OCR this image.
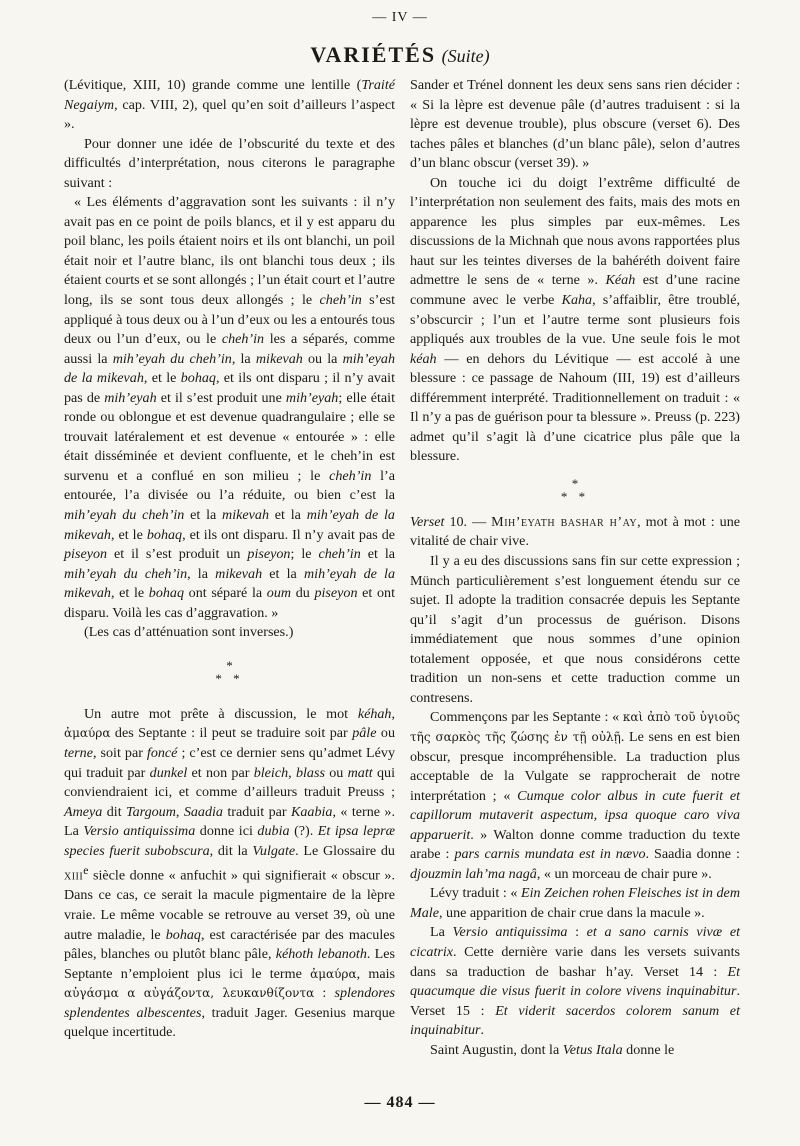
— IV —
VARIÉTÉS (Suite)

(Lévitique, XIII, 10) grande comme une lentille (Traité Negaiym, cap. VIII, 2), quel qu’en soit d’ailleurs l’aspect ».

Pour donner une idée de l’obscurité du texte et des difficultés d’interprétation, nous citerons le paragraphe suivant :

« Les éléments d’aggravation sont les suivants : il n’y avait pas en ce point de poils blancs, et il y est apparu du poil blanc, les poils étaient noirs et ils ont blanchi, un poil était noir et l’autre blanc, ils ont blanchi tous deux ; ils étaient courts et se sont allongés ; l’un était court et l’autre long, ils se sont tous deux allongés ; le cheh’in s’est appliqué à tous deux ou à l’un d’eux ou les a entourés tous deux ou l’un d’eux, ou le cheh’in les a séparés, comme aussi la mih’eyah du cheh’in, la mikevah ou la mih’eyah de la mikevah, et le bohaq, et ils ont disparu ; il n’y avait pas de mih’eyah et il s’est produit une mih’eyah; elle était ronde ou oblongue et est devenue quadrangulaire ; elle se trouvait latéralement et est devenue « entourée » : elle était disséminée et devient confluente, et le cheh’in est survenu et a conflué en son milieu ; le cheh’in l’a entourée, l’a divisée ou l’a réduite, ou bien c’est la mih’eyah du cheh’in et la mikevah et la mih’eyah de la mikevah, et le bohaq, et ils ont disparu. Il n’y avait pas de piseyon et il s’est produit un piseyon; le cheh’in et la mih’eyah du cheh’in, la mikevah et la mih’eyah de la mikevah, et le bohaq ont séparé la oum du piseyon et ont disparu. Voilà les cas d’aggravation. »

(Les cas d’atténuation sont inverses.)

*
* *

Un autre mot prête à discussion, le mot kéhah, ἀμαύρα des Septante : il peut se traduire soit par pâle ou terne, soit par foncé ; c’est ce dernier sens qu’admet Lévy qui traduit par dunkel et non par bleich, blass ou matt qui conviendraient ici, et comme d’ailleurs traduit Preuss ; Ameya dit Targoum, Saadia traduit par Kaabia, « terne ». La Versio antiquissima donne ici dubia (?). Et ipsa lepræ species fuerit subobscura, dit la Vulgate. Le Glossaire du xiii$^e$ siècle donne « anfuchit » qui signifierait « obscur ». Dans ce cas, ce serait la macule pigmentaire de la lèpre vraie. Le même vocable se retrouve au verset 39, où une autre maladie, le bohaq, est caractérisée par des macules pâles, blanches ou plutôt blanc pâle, kéhoth lebanoth. Les Septante n’emploient plus ici le terme ἀμαύρα, mais αὐγάσμα α αὐγάζοντα, λευκανθίζοντα : splendores splendentes albescentes, traduit Jager. Gesenius marque quelque incertitude.

Sander et Trénel donnent les deux sens sans rien décider : « Si la lèpre est devenue pâle (d’autres traduisent : si la lèpre est devenue trouble), plus obscure (verset 6). Des taches pâles et blanches (d’un blanc pâle), selon d’autres d’un blanc obscur (verset 39). »

On touche ici du doigt l’extrême difficulté de l’interprétation non seulement des faits, mais des mots en apparence les plus simples par eux-mêmes. Les discussions de la Michnah que nous avons rapportées plus haut sur les teintes diverses de la bahéréth doivent faire admettre le sens de « terne ». Kéah est d’une racine commune avec le verbe Kaha, s’affaiblir, être troublé, s’obscurcir ; l’un et l’autre terme sont plusieurs fois appliqués aux troubles de la vue. Une seule fois le mot kéah — en dehors du Lévitique — est accolé à une blessure : ce passage de Nahoum (III, 19) est d’ailleurs différemment interprété. Traditionnellement on traduit : « Il n’y a pas de guérison pour ta blessure ». Preuss (p. 223) admet qu’il s’agit là d’une cicatrice plus pâle que la blessure.

*
* *

Verset 10. — Mih’eyath bashar h’ay, mot à mot : une vitalité de chair vive.

Il y a eu des discussions sans fin sur cette expression ; Münch particulièrement s’est longuement étendu sur ce sujet. Il adopte la tradition consacrée depuis les Septante qu’il s’agit d’un processus de guérison. Disons immédiatement que nous sommes d’une opinion totalement opposée, et que nous considérons cette tradition un non-sens et cette traduction comme un contresens.

Commençons par les Septante : « καὶ ἀπὸ τοῦ ὑγιοῦς τῆς σαρκὸς τῆς ζώσης ἐν τῇ οὐλῇ. Le sens en est bien obscur, presque incompréhensible. La traduction plus acceptable de la Vulgate se rapprocherait de notre interprétation ; « Cumque color albus in cute fuerit et capillorum mutaverit aspectum, ipsa quoque caro viva apparuerit. » Walton donne comme traduction du texte arabe : pars carnis mundata est in nævo. Saadia donne : djouzmin lah’ma nagâ, « un morceau de chair pure ».

Lévy traduit : « Ein Zeichen rohen Fleisches ist in dem Male, une apparition de chair crue dans la macule ».

La Versio antiquissima : et a sano carnis vivæ et cicatrix. Cette dernière varie dans les versets suivants dans sa traduction de bashar h’ay. Verset 14 : Et quacumque die visus fuerit in colore vivens inquinabitur. Verset 15 : Et viderit sacerdos colorem sanum et inquinabitur.

Saint Augustin, dont la Vetus Itala donne le

— 484 —
